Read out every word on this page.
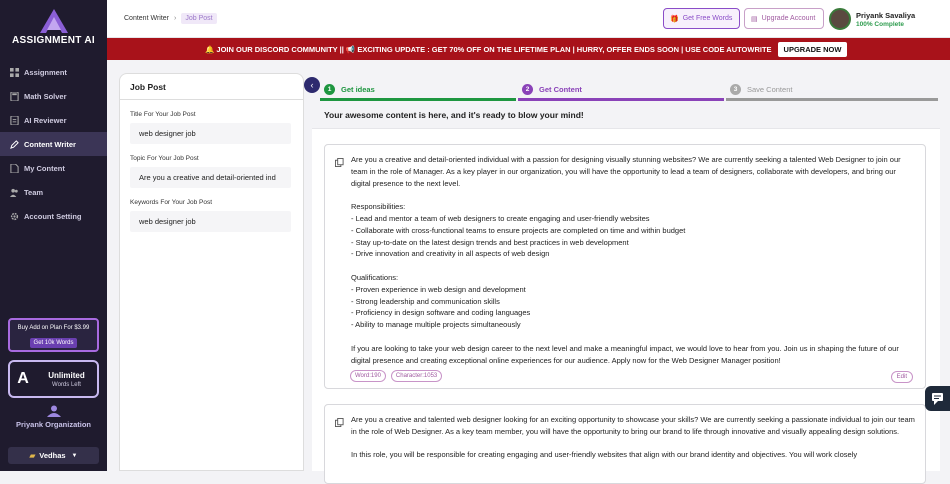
ASSIGNMENT AI
Assignment
Math Solver
AI Reviewer
Content Writer
My Content
Team
Account Setting
Buy Add on Plan For $3.99
Get 10k Words
A	Unlimited
Words Left
Priyank Organization
▰ Vedhas ▼
Content Writer ›	Job Post	🎁 Get Free Words	▤ Upgrade Account	Priyank Savaliya
100% Complete
🔔 JOIN OUR DISCORD COMMUNITY || 📢 EXCITING UPDATE : GET 70% OFF ON THE LIFETIME PLAN | HURRY, OFFER ENDS SOON | USE CODE AUTOWRITE	UPGRADE NOW
Job Post
Title For Your Job Post
web designer job
Topic For Your Job Post
Are you a creative and detail-oriented ind
Keywords For Your Job Post
web designer job
‹	1	Get ideas	2	Get Content	3	Save Content
Your awesome content is here, and it's ready to blow your mind!

Are you a creative and detail-oriented individual with a passion for designing visually stunning websites? We are currently seeking a talented Web Designer to join our team in the role of Manager. As a key player in our organization, you will have the opportunity to lead a team of designers, collaborate with developers, and bring our digital presence to the next level.

Responsibilities:

- Lead and mentor a team of web designers to create engaging and user-friendly websites

- Collaborate with cross-functional teams to ensure projects are completed on time and within budget

- Stay up-to-date on the latest design trends and best practices in web development

- Drive innovation and creativity in all aspects of web design

Qualifications:

- Proven experience in web design and development

- Strong leadership and communication skills

- Proficiency in design software and coding languages

- Ability to manage multiple projects simultaneously

If you are looking to take your web design career to the next level and make a meaningful impact, we would love to hear from you. Join us in shaping the future of our digital presence and creating exceptional online experiences for our audience. Apply now for the Web Designer Manager position!

Word:190	Character:1053	Edit

Are you a creative and talented web designer looking for an exciting opportunity to showcase your skills? We are currently seeking a passionate individual to join our team in the role of Web Designer. As a key team member, you will have the opportunity to bring our brand to life through innovative and visually appealing design solutions.

In this role, you will be responsible for creating engaging and user-friendly websites that align with our brand identity and objectives. You will work closely
